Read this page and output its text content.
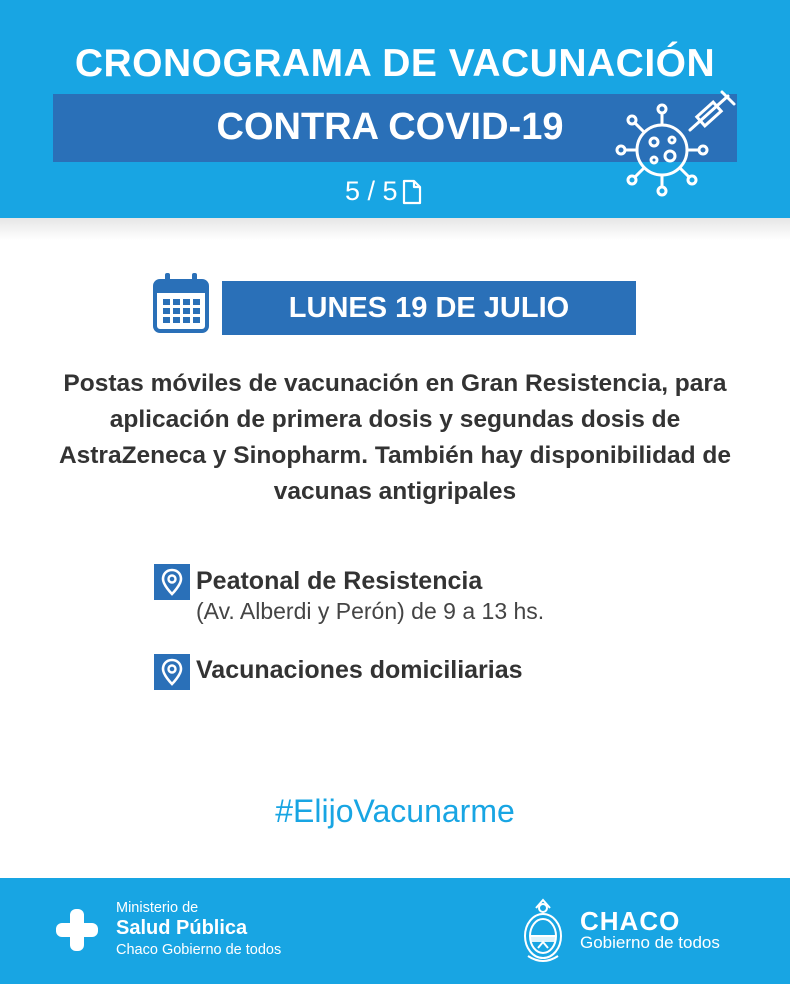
CRONOGRAMA DE VACUNACIÓN
CONTRA COVID-19
5 / 5
LUNES 19 DE JULIO
Postas móviles de vacunación en Gran Resistencia, para aplicación de primera dosis y segundas dosis de AstraZeneca y Sinopharm. También hay disponibilidad de vacunas antigripales
Peatonal de Resistencia
(Av. Alberdi y Perón) de 9 a 13 hs.
Vacunaciones domiciliarias
#ElijoVacunarme
Ministerio de
Salud Pública
Chaco Gobierno de todos
CHACO
Gobierno de todos
